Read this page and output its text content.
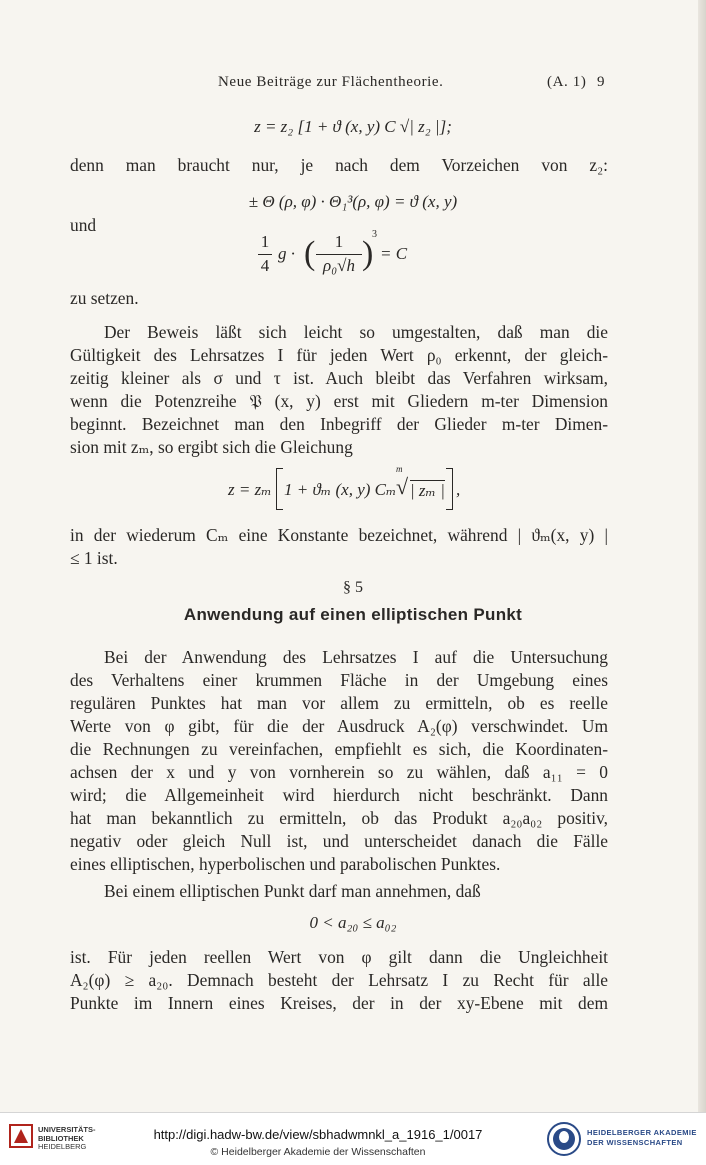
Neue Beiträge zur Flächentheorie.	(A. 1) 9
z = z₂ [1 + ϑ (x, y) C √| z₂ |];
denn man braucht nur, je nach dem Vorzeichen von z₂:
± Θ (ρ, φ) · Θ₁³(ρ, φ) = ϑ (x, y)
und
1
4
g · (	1
ρ₀√h )
3
= C
zu setzen.
Der Beweis läßt sich leicht so umgestalten, daß man die
Gültigkeit des Lehrsatzes I für jeden Wert ρ₀ erkennt, der gleich-
zeitig kleiner als σ und τ ist. Auch bleibt das Verfahren wirksam,
wenn die Potenzreihe 𝔓 (x, y) erst mit Gliedern m-ter Dimension
beginnt. Bezeichnet man den Inbegriff der Glieder m-ter Dimen-
sion mit zₘ, so ergibt sich die Gleichung
z = zₘ 1 + ϑₘ (x, y) Cₘ
m
√ | zₘ | ,
in der wiederum Cₘ eine Konstante bezeichnet, während | ϑₘ(x, y) |
≤ 1 ist.
§ 5
Anwendung auf einen elliptischen Punkt
Bei der Anwendung des Lehrsatzes I auf die Untersuchung
des Verhaltens einer krummen Fläche in der Umgebung eines
regulären Punktes hat man vor allem zu ermitteln, ob es reelle
Werte von φ gibt, für die der Ausdruck A₂(φ) verschwindet. Um
die Rechnungen zu vereinfachen, empfiehlt es sich, die Koordinaten-
achsen der x und y von vornherein so zu wählen, daß a₁₁ = 0
wird; die Allgemeinheit wird hierdurch nicht beschränkt. Dann
hat man bekanntlich zu ermitteln, ob das Produkt a₂₀a₀₂ positiv,
negativ oder gleich Null ist, und unterscheidet danach die Fälle
eines elliptischen, hyperbolischen und parabolischen Punktes.
Bei einem elliptischen Punkt darf man annehmen, daß
0 < a₂₀ ≤ a₀₂
ist. Für jeden reellen Wert von φ gilt dann die Ungleichheit
A₂(φ) ≥ a₂₀. Demnach besteht der Lehrsatz I zu Recht für alle
Punkte im Innern eines Kreises, der in der xy-Ebene mit dem
UNIVERSITÄTS-
BIBLIOTHEK
HEIDELBERG
http://digi.hadw-bw.de/view/sbhadwmnkl_a_1916_1/0017
© Heidelberger Akademie der Wissenschaften
HEIDELBERGER AKADEMIE
DER WISSENSCHAFTEN
